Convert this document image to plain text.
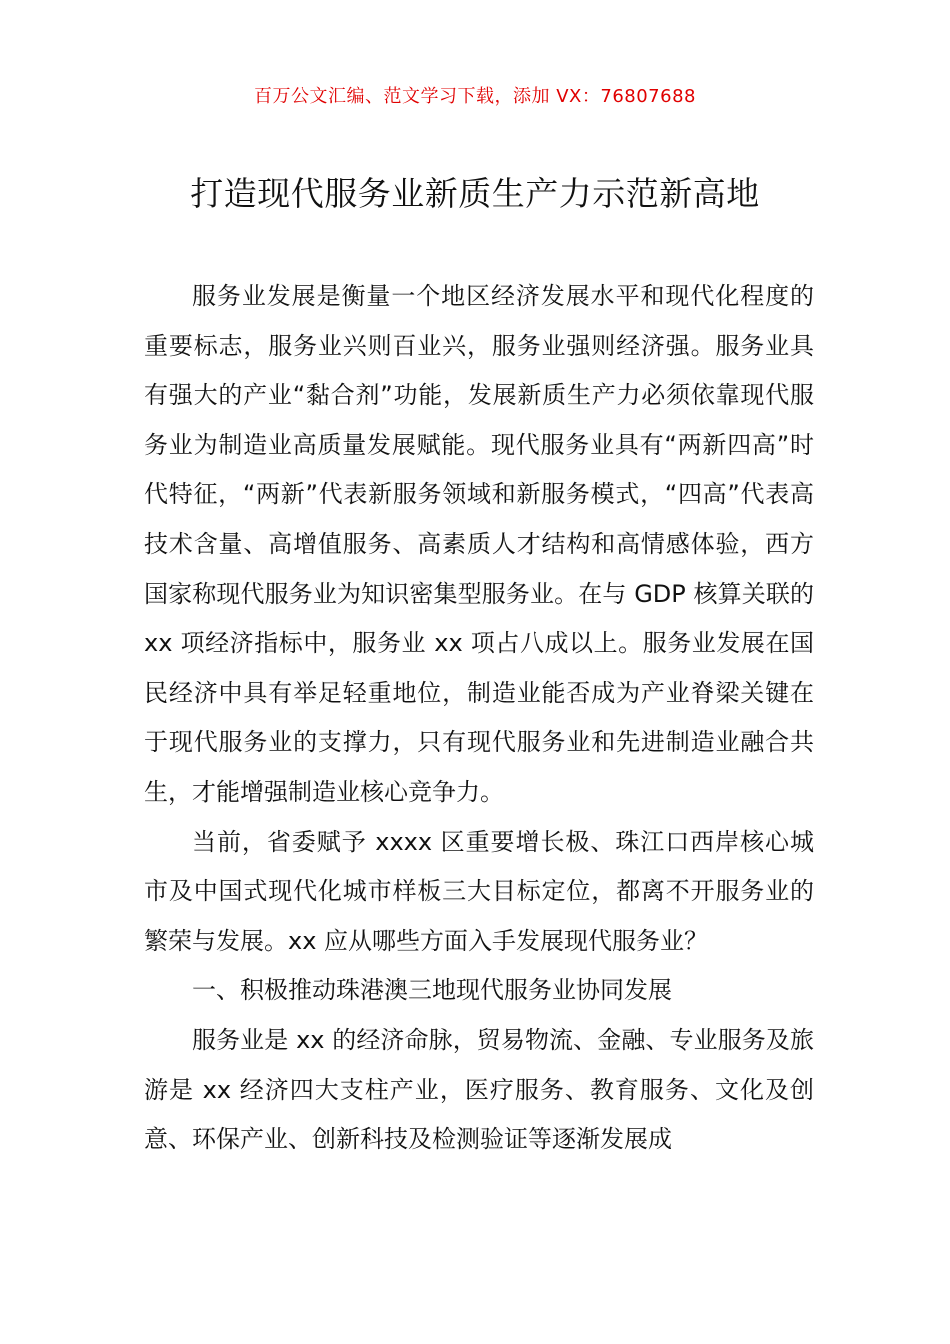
百万公文汇编、范文学习下载，添加 VX：76807688
打造现代服务业新质生产力示范新高地

服务业发展是衡量一个地区经济发展水平和现代化程度的重要标志，服务业兴则百业兴，服务业强则经济强。服务业具有强大的产业“黏合剂”功能，发展新质生产力必须依靠现代服务业为制造业高质量发展赋能。现代服务业具有“两新四高”时代特征，“两新”代表新服务领域和新服务模式，“四高”代表高技术含量、高增值服务、高素质人才结构和高情感体验，西方国家称现代服务业为知识密集型服务业。在与 GDP 核算关联的 xx 项经济指标中，服务业 xx 项占八成以上。服务业发展在国民经济中具有举足轻重地位，制造业能否成为产业脊梁关键在于现代服务业的支撑力，只有现代服务业和先进制造业融合共生，才能增强制造业核心竞争力。

当前，省委赋予 xxxx 区重要增长极、珠江口西岸核心城市及中国式现代化城市样板三大目标定位，都离不开服务业的繁荣与发展。xx 应从哪些方面入手发展现代服务业？

一、积极推动珠港澳三地现代服务业协同发展

服务业是 xx 的经济命脉，贸易物流、金融、专业服务及旅游是 xx 经济四大支柱产业，医疗服务、教育服务、文化及创意、环保产业、创新科技及检测验证等逐渐发展成
